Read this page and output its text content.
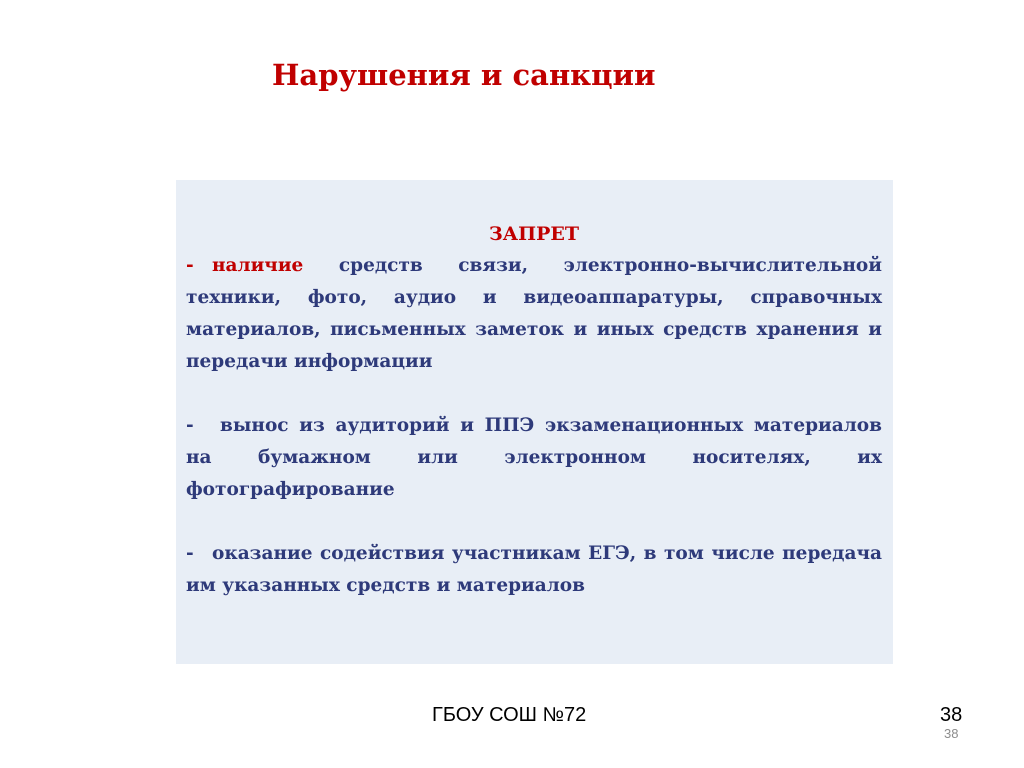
Нарушения и санкции
ЗАПРЕТ

- наличие средств связи, электронно-вычислительной техники, фото, аудио и видеоаппаратуры, справочных материалов, письменных заметок и иных средств хранения и передачи информации

- вынос из аудиторий и ППЭ экзаменационных материалов на бумажном или электронном носителях, их фотографирование

- оказание содействия участникам ЕГЭ, в том числе передача им указанных средств и материалов

ГБОУ СОШ №72	38
38
